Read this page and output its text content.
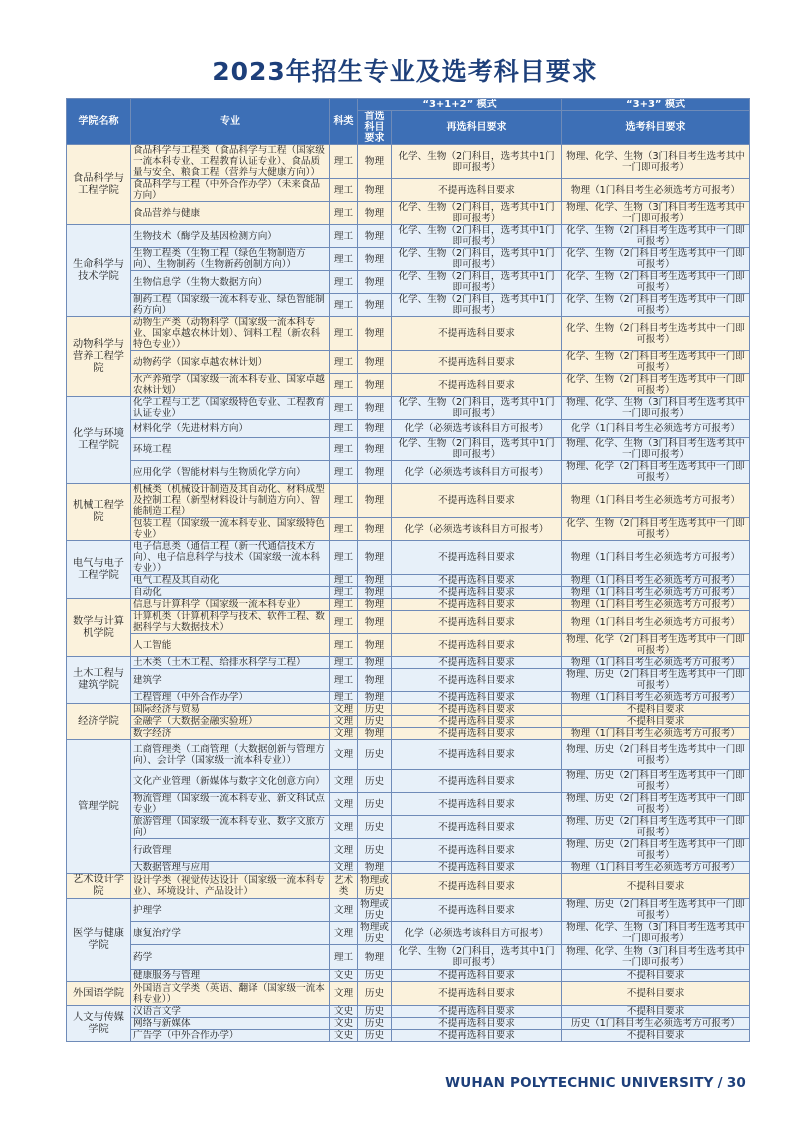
2023年招生专业及选考科目要求
学院名称	专业	科类	“3+1+2” 模式		“3+3” 模式
			首选科目要求	再选科目要求	选考科目要求
食品科学与工程学院	食品科学与工程类（食品科学与工程（国家级一流本科专业、工程教育认证专业）、食品质量与安全、粮食工程（营养与大健康方向））	理工	物理	化学、生物（2门科目，选考其中1门即可报考）	物理、化学、生物（3门科目考生选考其中一门即可报考）
	食品科学与工程（中外合作办学）（未来食品方向）	理工	物理	不提再选科目要求	物理（1门科目考生必须选考方可报考）
	食品营养与健康	理工	物理	化学、生物（2门科目，选考其中1门即可报考）	物理、化学、生物（3门科目考生选考其中一门即可报考）
生命科学与技术学院	生物技术（酶学及基因检测方向）	理工	物理	化学、生物（2门科目，选考其中1门即可报考）	化学、生物（2门科目考生选考其中一门即可报考）
	生物工程类（生物工程（绿色生物制造方向）、生物制药（生物新药创制方向））	理工	物理	化学、生物（2门科目，选考其中1门即可报考）	化学、生物（2门科目考生选考其中一门即可报考）
	生物信息学（生物大数据方向）	理工	物理	化学、生物（2门科目，选考其中1门即可报考）	化学、生物（2门科目考生选考其中一门即可报考）
	制药工程（国家级一流本科专业、绿色智能制药方向）	理工	物理	化学、生物（2门科目，选考其中1门即可报考）	化学、生物（2门科目考生选考其中一门即可报考）
动物科学与营养工程学院	动物生产类（动物科学（国家级一流本科专业、国家卓越农林计划）、饲料工程（新农科特色专业））	理工	物理	不提再选科目要求	化学、生物（2门科目考生选考其中一门即可报考）
	动物药学（国家卓越农林计划）	理工	物理	不提再选科目要求	化学、生物（2门科目考生选考其中一门即可报考）
	水产养殖学（国家级一流本科专业、国家卓越农林计划）	理工	物理	不提再选科目要求	化学、生物（2门科目考生选考其中一门即可报考）
化学与环境工程学院	化学工程与工艺（国家级特色专业、工程教育认证专业）	理工	物理	化学、生物（2门科目，选考其中1门即可报考）	物理、化学、生物（3门科目考生选考其中一门即可报考）
	材料化学（先进材料方向）	理工	物理	化学（必须选考该科目方可报考）	化学（1门科目考生必须选考方可报考）
	环境工程	理工	物理	化学、生物（2门科目，选考其中1门即可报考）	物理、化学、生物（3门科目考生选考其中一门即可报考）
	应用化学（智能材料与生物质化学方向）	理工	物理	化学（必须选考该科目方可报考）	物理、化学（2门科目考生选考其中一门即可报考）
机械工程学院	机械类（机械设计制造及其自动化、材料成型及控制工程（新型材料设计与制造方向）、智能制造工程）	理工	物理	不提再选科目要求	物理（1门科目考生必须选考方可报考）
	包装工程（国家级一流本科专业、国家级特色专业）	理工	物理	化学（必须选考该科目方可报考）	化学、生物（2门科目考生选考其中一门即可报考）
电气与电子工程学院	电子信息类（通信工程（新一代通信技术方向）、电子信息科学与技术（国家级一流本科专业））	理工	物理	不提再选科目要求	物理（1门科目考生必须选考方可报考）
	电气工程及其自动化	理工	物理	不提再选科目要求	物理（1门科目考生必须选考方可报考）
	自动化	理工	物理	不提再选科目要求	物理（1门科目考生必须选考方可报考）
数学与计算机学院	信息与计算科学（国家级一流本科专业）	理工	物理	不提再选科目要求	物理（1门科目考生必须选考方可报考）
	计算机类（计算机科学与技术、软件工程、数据科学与大数据技术）	理工	物理	不提再选科目要求	物理（1门科目考生必须选考方可报考）
	人工智能	理工	物理	不提再选科目要求	物理、化学（2门科目考生选考其中一门即可报考）
土木工程与建筑学院	土木类（土木工程、给排水科学与工程）	理工	物理	不提再选科目要求	物理（1门科目考生必须选考方可报考）
	建筑学	理工	物理	不提再选科目要求	物理、历史（2门科目考生选考其中一门即可报考）
	工程管理（中外合作办学）	理工	物理	不提再选科目要求	物理（1门科目考生必须选考方可报考）
经济学院	国际经济与贸易	文理	历史	不提再选科目要求	不提科目要求
	金融学（大数据金融实验班）	文理	历史	不提再选科目要求	不提科目要求
	数字经济	文理	物理	不提再选科目要求	物理（1门科目考生必须选考方可报考）
管理学院	工商管理类（工商管理（大数据创新与管理方向）、会计学（国家级一流本科专业））	文理	历史	不提再选科目要求	物理、历史（2门科目考生选考其中一门即可报考）
	文化产业管理（新媒体与数字文化创意方向）	文理	历史	不提再选科目要求	物理、历史（2门科目考生选考其中一门即可报考）
	物流管理（国家级一流本科专业、新文科试点专业）	文理	历史	不提再选科目要求	物理、历史（2门科目考生选考其中一门即可报考）
	旅游管理（国家级一流本科专业、数字文旅方向）	文理	历史	不提再选科目要求	物理、历史（2门科目考生选考其中一门即可报考）
	行政管理	文理	历史	不提再选科目要求	物理、历史（2门科目考生选考其中一门即可报考）
	大数据管理与应用	文理	物理	不提再选科目要求	物理（1门科目考生必须选考方可报考）
艺术设计学院	设计学类（视觉传达设计（国家级一流本科专业）、环境设计、产品设计）	艺术类	物理或历史	不提再选科目要求	不提科目要求
医学与健康学院	护理学	文理	物理或历史	不提再选科目要求	物理、历史（2门科目考生选考其中一门即可报考）
	康复治疗学	文理	物理或历史	化学（必须选考该科目方可报考）	物理、化学、生物（3门科目考生选考其中一门即可报考）
	药学	理工	物理	化学、生物（2门科目，选考其中1门即可报考）	物理、化学、生物（3门科目考生选考其中一门即可报考）
	健康服务与管理	文史	历史	不提再选科目要求	不提科目要求
外国语学院	外国语言文学类（英语、翻译（国家级一流本科专业））	文理	历史	不提再选科目要求	不提科目要求
人文与传媒学院	汉语言文学	文史	历史	不提再选科目要求	不提科目要求
	网络与新媒体	文史	历史	不提再选科目要求	历史（1门科目考生必须选考方可报考）
	广告学（中外合作办学）	文史	历史	不提再选科目要求	不提科目要求
WUHAN POLYTECHNIC UNIVERSITY / 30
